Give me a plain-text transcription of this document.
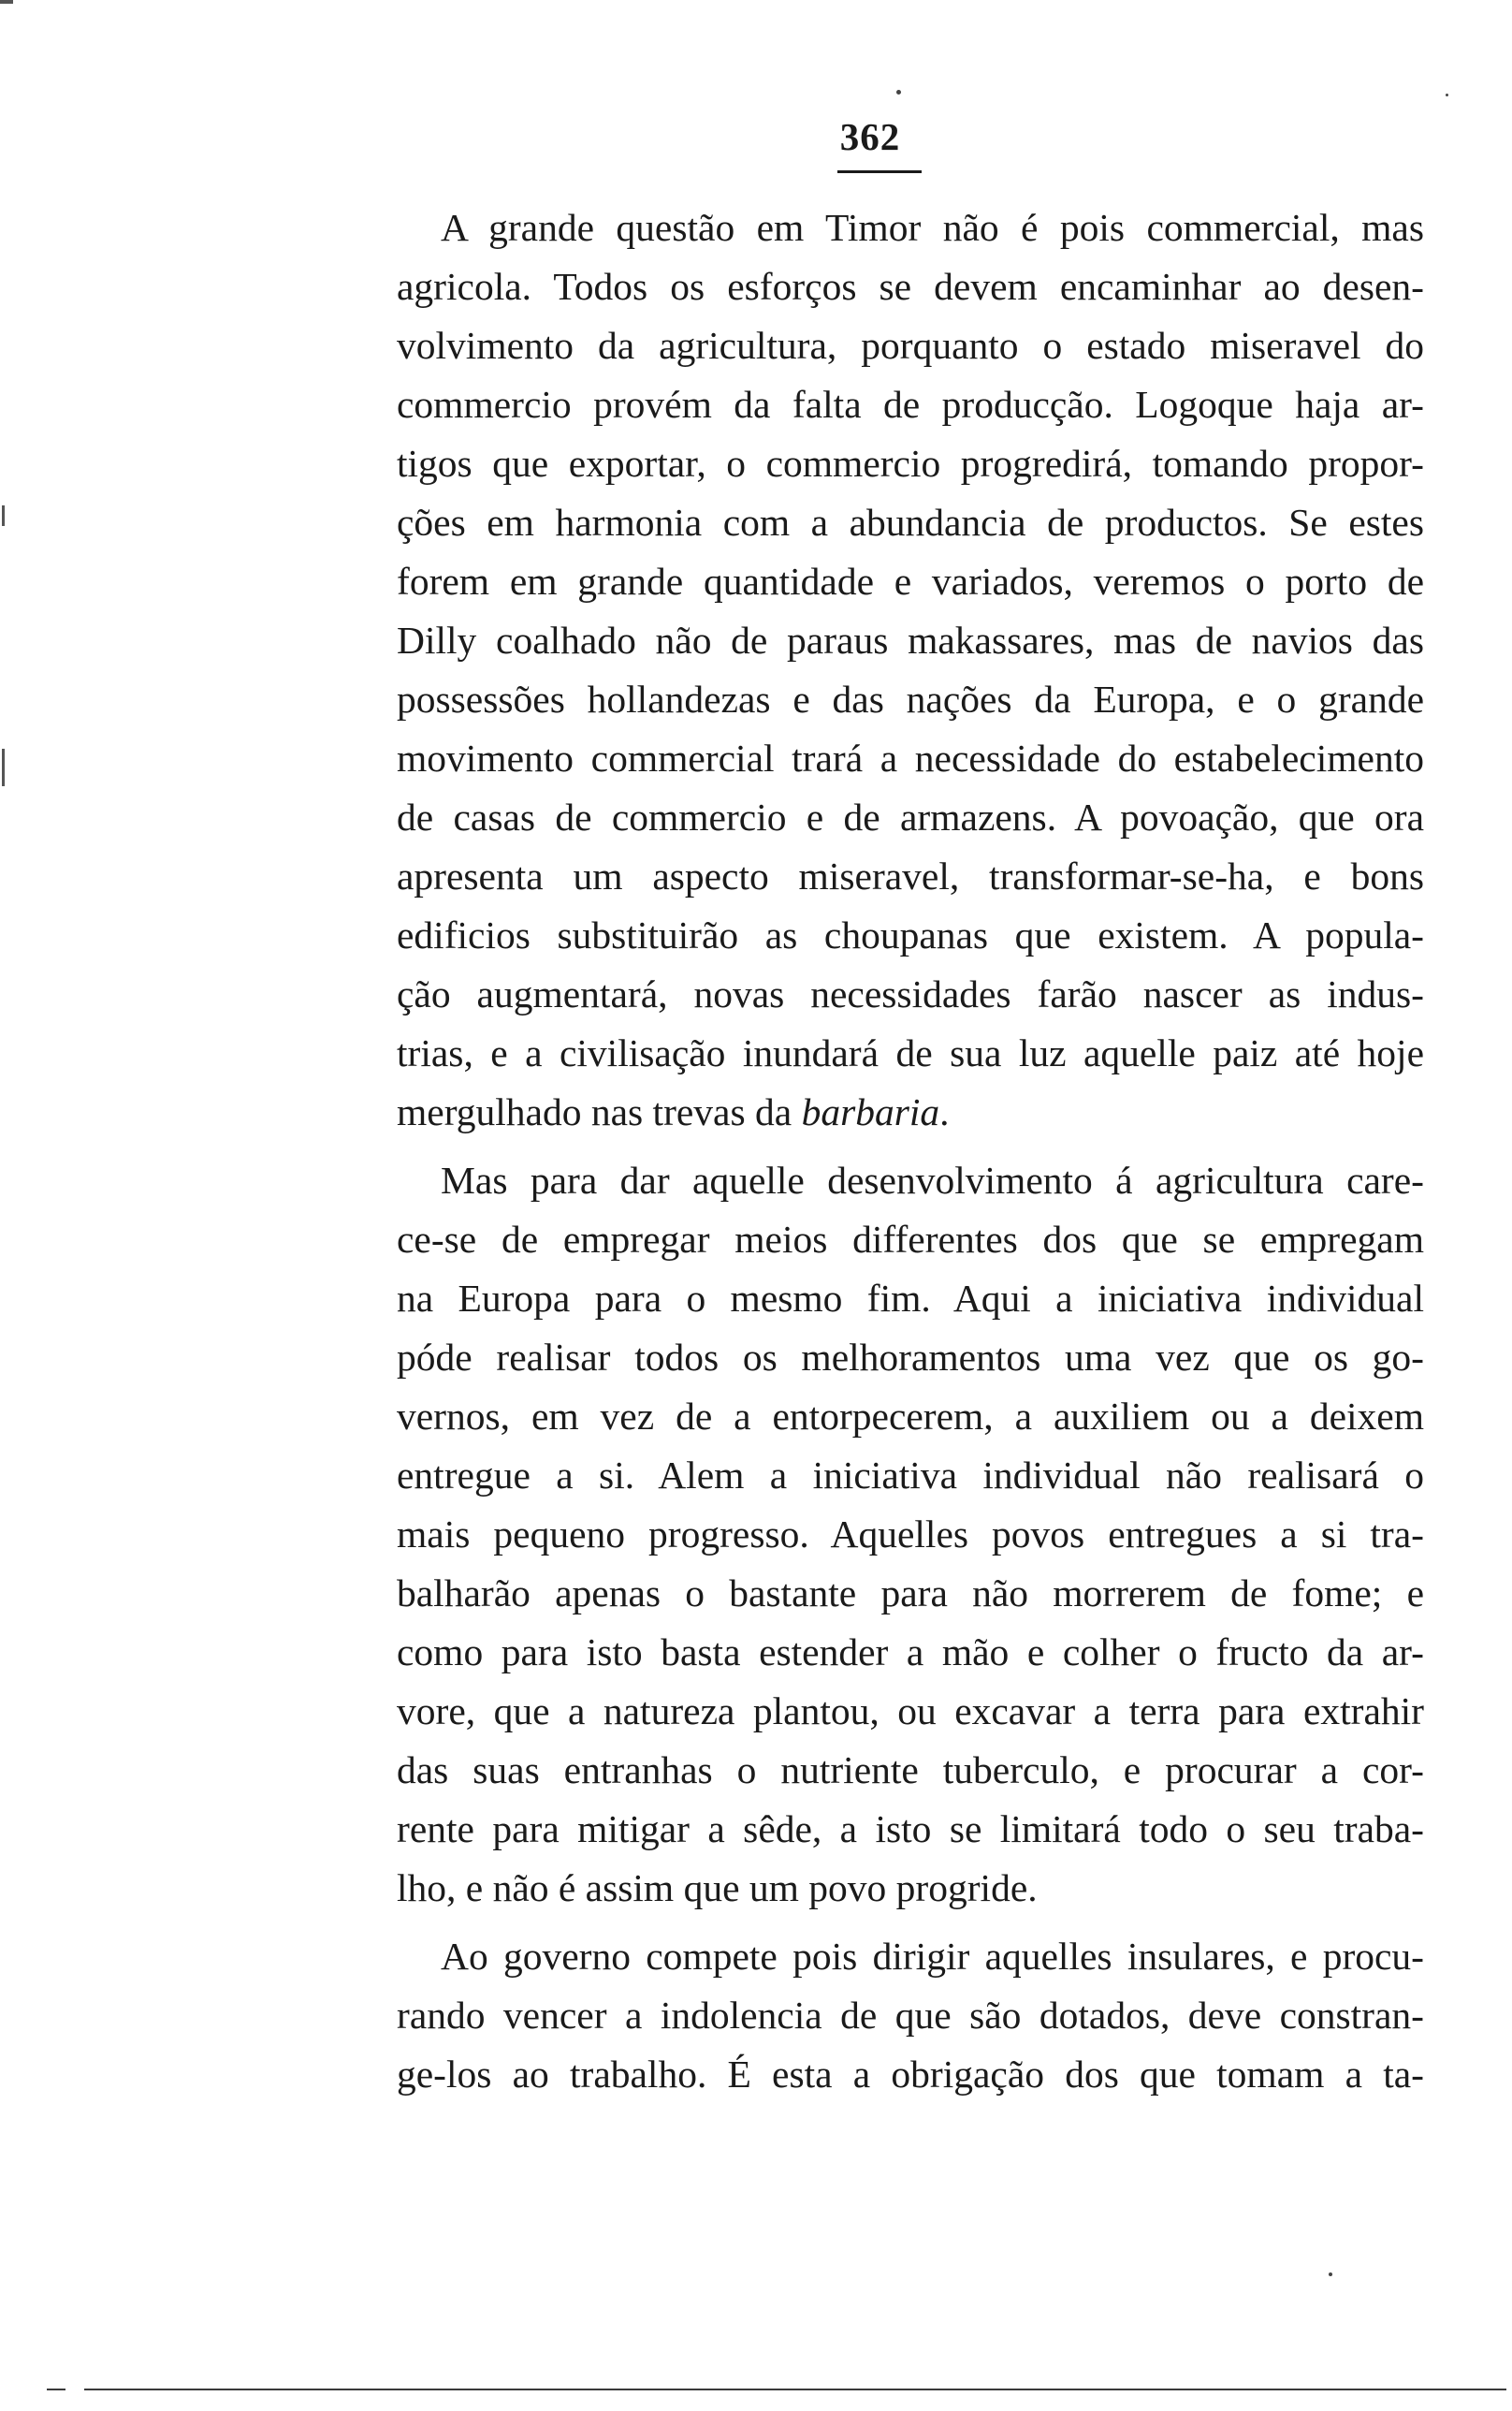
362
A grande questão em Timor não é pois commercial, mas
agricola. Todos os esforços se devem encaminhar ao desen-
volvimento da agricultura, porquanto o estado miseravel do
commercio provém da falta de producção. Logoque haja ar-
tigos que exportar, o commercio progredirá, tomando propor-
ções em harmonia com a abundancia de productos. Se estes
forem em grande quantidade e variados, veremos o porto de
Dilly coalhado não de paraus makassares, mas de navios das
possessões hollandezas e das nações da Europa, e o grande
movimento commercial trará a necessidade do estabelecimento
de casas de commercio e de armazens. A povoação, que ora
apresenta um aspecto miseravel, transformar-se-ha, e bons
edificios substituirão as choupanas que existem. A popula-
ção augmentará, novas necessidades farão nascer as indus-
trias, e a civilisação inundará de sua luz aquelle paiz até hoje
mergulhado nas trevas da barbaria.
Mas para dar aquelle desenvolvimento á agricultura care-
ce-se de empregar meios differentes dos que se empregam
na Europa para o mesmo fim. Aqui a iniciativa individual
póde realisar todos os melhoramentos uma vez que os go-
vernos, em vez de a entorpecerem, a auxiliem ou a deixem
entregue a si. Alem a iniciativa individual não realisará o
mais pequeno progresso. Aquelles povos entregues a si tra-
balharão apenas o bastante para não morrerem de fome; e
como para isto basta estender a mão e colher o fructo da ar-
vore, que a natureza plantou, ou excavar a terra para extrahir
das suas entranhas o nutriente tuberculo, e procurar a cor-
rente para mitigar a sêde, a isto se limitará todo o seu traba-
lho, e não é assim que um povo progride.
Ao governo compete pois dirigir aquelles insulares, e procu-
rando vencer a indolencia de que são dotados, deve constran-
ge-los ao trabalho. É esta a obrigação dos que tomam a ta-
